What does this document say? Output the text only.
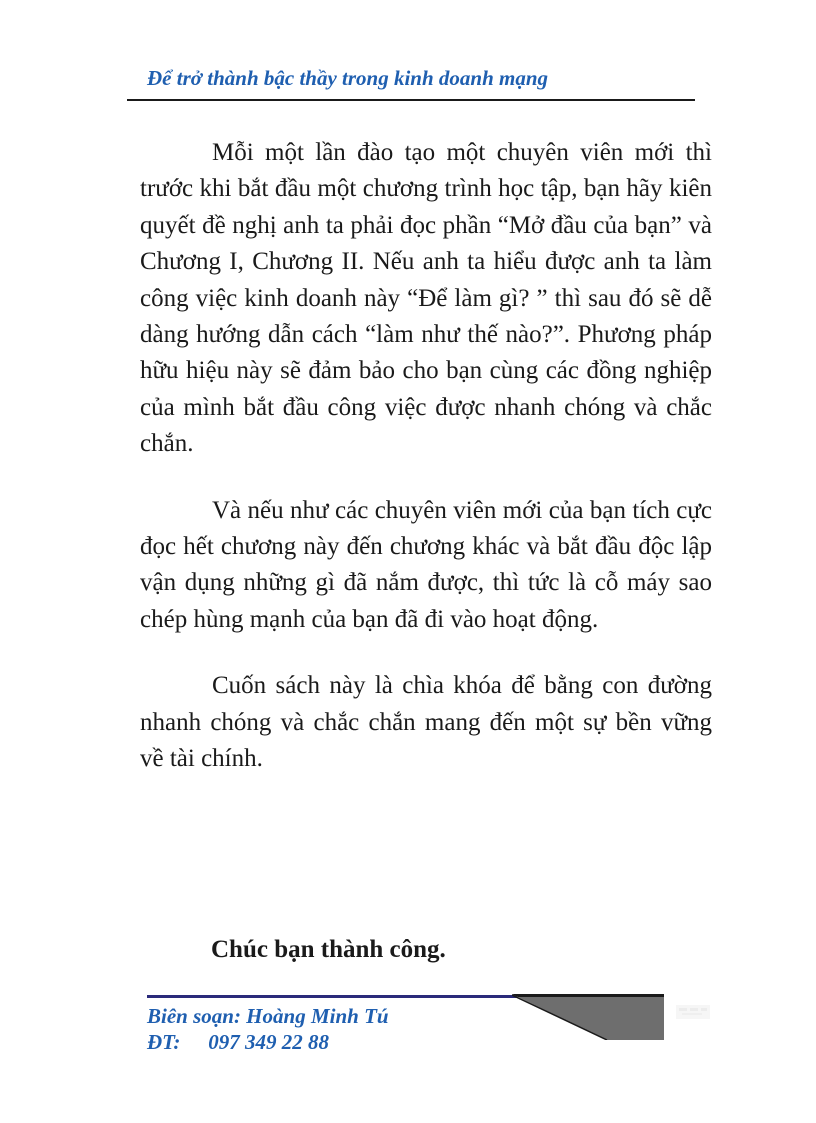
Để trở thành bậc thầy trong kinh doanh mạng

Mỗi một lần đào tạo một chuyên viên mới thì trước khi bắt đầu một chương trình học tập, bạn hãy kiên quyết đề nghị anh ta phải đọc phần “Mở đầu của bạn” và Chương I, Chương II. Nếu anh ta hiểu được anh ta làm công việc kinh doanh này “Để làm gì? ” thì sau đó sẽ dễ dàng hướng dẫn cách “làm như thế nào?”. Phương pháp hữu hiệu này sẽ đảm bảo cho bạn cùng các đồng nghiệp của mình bắt đầu công việc được nhanh chóng và chắc chắn.

Và nếu như các chuyên viên mới của bạn tích cực đọc hết chương này đến chương khác và bắt đầu độc lập vận dụng những gì đã nắm được, thì tức là cỗ máy sao chép hùng mạnh của bạn đã đi vào hoạt động.

Cuốn sách này là chìa khóa để bằng con đường nhanh chóng và chắc chắn mang đến một sự bền vững về tài chính.

Chúc bạn thành công.
Biên soạn: Hoàng Minh Tú
ĐT: 097 349 22 88
